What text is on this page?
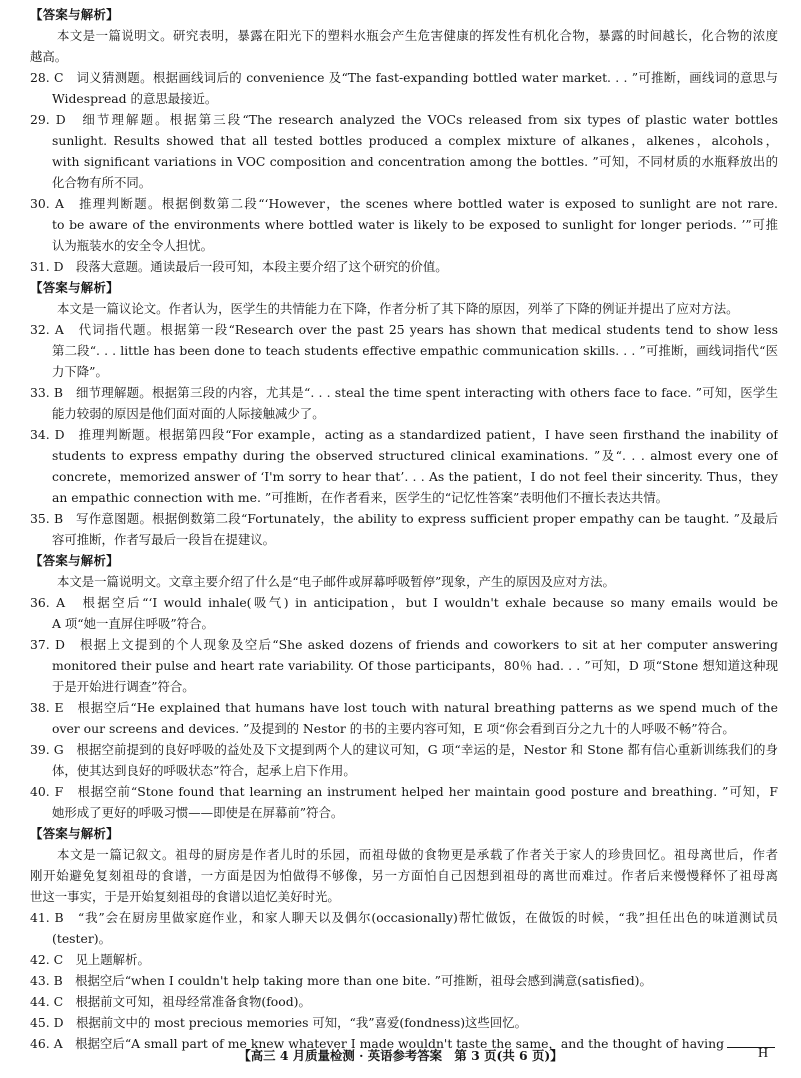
【答案与解析】
本文是一篇说明文。研究表明，暴露在阳光下的塑料水瓶会产生危害健康的挥发性有机化合物，暴露的时间越长，化合物的浓度
越高。
28. C　词义猜测题。根据画线词后的 convenience 及“The fast-expanding bottled water market. . . ”可推断，画线词的意思与
Widespread 的意思最接近。
29. D　细节理解题。根据第三段“The research analyzed the VOCs released from six types of plastic water bottles
sunlight. Results showed that all tested bottles produced a complex mixture of alkanes，alkenes，alcohols，
with significant variations in VOC composition and concentration among the bottles. ”可知，不同材质的水瓶释放出的
化合物有所不同。
30. A　推理判断题。根据倒数第二段“‘However，the scenes where bottled water is exposed to sunlight are not rare.
to be aware of the environments where bottled water is likely to be exposed to sunlight for longer periods. ’”可推
认为瓶装水的安全令人担忧。
31. D　段落大意题。通读最后一段可知，本段主要介绍了这个研究的价值。
【答案与解析】
本文是一篇议论文。作者认为，医学生的共情能力在下降，作者分析了其下降的原因，列举了下降的例证并提出了应对方法。
32. A　代词指代题。根据第一段“Research over the past 25 years has shown that medical students tend to show less
第二段“. . . little has been done to teach students effective empathic communication skills. . . ”可推断，画线词指代“医
力下降”。
33. B　细节理解题。根据第三段的内容，尤其是“. . . steal the time spent interacting with others face to face. ”可知，医学生
能力较弱的原因是他们面对面的人际接触减少了。
34. D　推理判断题。根据第四段“For example，acting as a standardized patient，I have seen firsthand the inability of
students to express empathy during the observed structured clinical examinations. ”及“. . . almost every one of
concrete，memorized answer of ‘I'm sorry to hear that’. . . As the patient，I do not feel their sincerity. Thus，they
an empathic connection with me. ”可推断，在作者看来，医学生的“记忆性答案”表明他们不擅长表达共情。
35. B　写作意图题。根据倒数第二段“Fortunately，the ability to express sufficient proper empathy can be taught. ”及最后
容可推断，作者写最后一段旨在提建议。
【答案与解析】
本文是一篇说明文。文章主要介绍了什么是“电子邮件或屏幕呼吸暂停”现象，产生的原因及应对方法。
36. A　根据空后“‘I would inhale(吸气) in anticipation，but I wouldn't exhale because so many emails would be
A 项“她一直屏住呼吸”符合。
37. D　根据上文提到的个人现象及空后“She asked dozens of friends and coworkers to sit at her computer answering
monitored their pulse and heart rate variability. Of those participants，80％ had. . . ”可知，D 项“Stone 想知道这种现
于是开始进行调查”符合。
38. E　根据空后“He explained that humans have lost touch with natural breathing patterns as we spend much of the
over our screens and devices. ”及提到的 Nestor 的书的主要内容可知，E 项“你会看到百分之九十的人呼吸不畅”符合。
39. G　根据空前提到的良好呼吸的益处及下文提到两个人的建议可知，G 项“幸运的是，Nestor 和 Stone 都有信心重新训练我们的身
体，使其达到良好的呼吸状态”符合，起承上启下作用。
40. F　根据空前“Stone found that learning an instrument helped her maintain good posture and breathing. ”可知，F
她形成了更好的呼吸习惯——即使是在屏幕前”符合。
【答案与解析】
本文是一篇记叙文。祖母的厨房是作者儿时的乐园，而祖母做的食物更是承载了作者关于家人的珍贵回忆。祖母离世后，作者
刚开始避免复刻祖母的食谱，一方面是因为怕做得不够像，另一方面怕自己因想到祖母的离世而难过。作者后来慢慢释怀了祖母离
世这一事实，于是开始复刻祖母的食谱以追忆美好时光。
41. B　“我”会在厨房里做家庭作业，和家人聊天以及偶尔(occasionally)帮忙做饭，在做饭的时候，“我”担任出色的味道测试员
(tester)。
42. C　见上题解析。
43. B　根据空后“when I couldn't help taking more than one bite. ”可推断，祖母会感到满意(satisfied)。
44. C　根据前文可知，祖母经常准备食物(food)。
45. D　根据前文中的 most precious memories 可知，“我”喜爱(fondness)这些回忆。
46. A　根据空后“A small part of me knew whatever I made wouldn't taste the same，and the thought of having
【高三 4 月质量检测 · 英语参考答案　第 3 页(共 6 页)】	H
